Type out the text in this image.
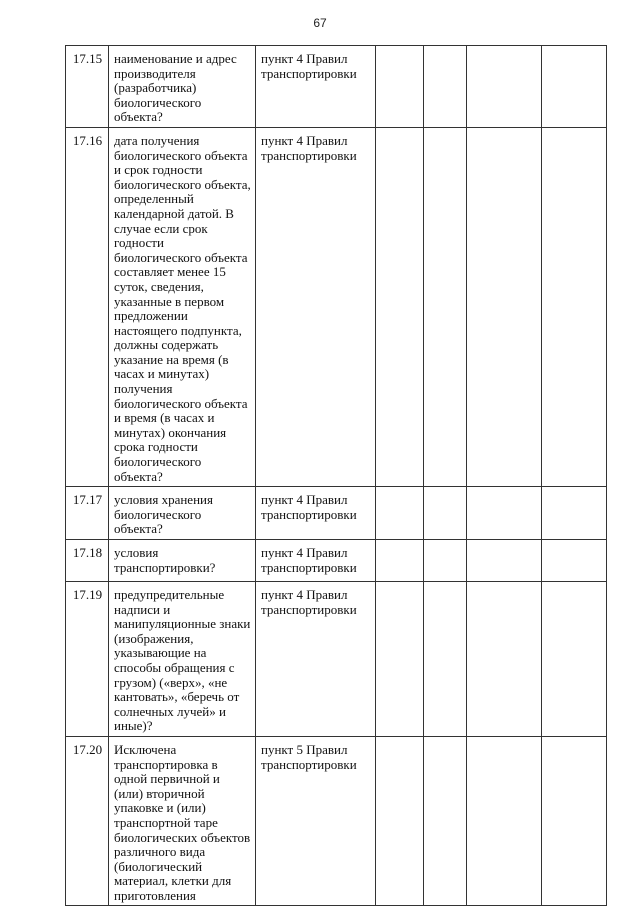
67
17.15	наименование и адрес производителя (разработчика) биологического объекта?	пункт 4 Правил транспортировки				
17.16	дата получения биологического объекта и срок годности биологического объекта, определенный календарной датой. В случае если срок годности биологического объекта составляет менее 15 суток, сведения, указанные в первом предложении настоящего подпункта, должны содержать указание на время (в часах и минутах) получения биологического объекта и время (в часах и минутах) окончания срока годности биологического объекта?	пункт 4 Правил транспортировки				
17.17	условия хранения биологического объекта?	пункт 4 Правил транспортировки				
17.18	условия транспортировки?	пункт 4 Правил транспортировки				
17.19	предупредительные надписи и манипуляционные знаки (изображения, указывающие на способы обращения с грузом) («верх», «не кантовать», «беречь от солнечных лучей» и иные)?	пункт 4 Правил транспортировки				
17.20	Исключена транспортировка в одной первичной и (или) вторичной упаковке и (или) транспортной таре биологических объектов различного вида (биологический материал, клетки для приготовления	пункт 5 Правил транспортировки				
